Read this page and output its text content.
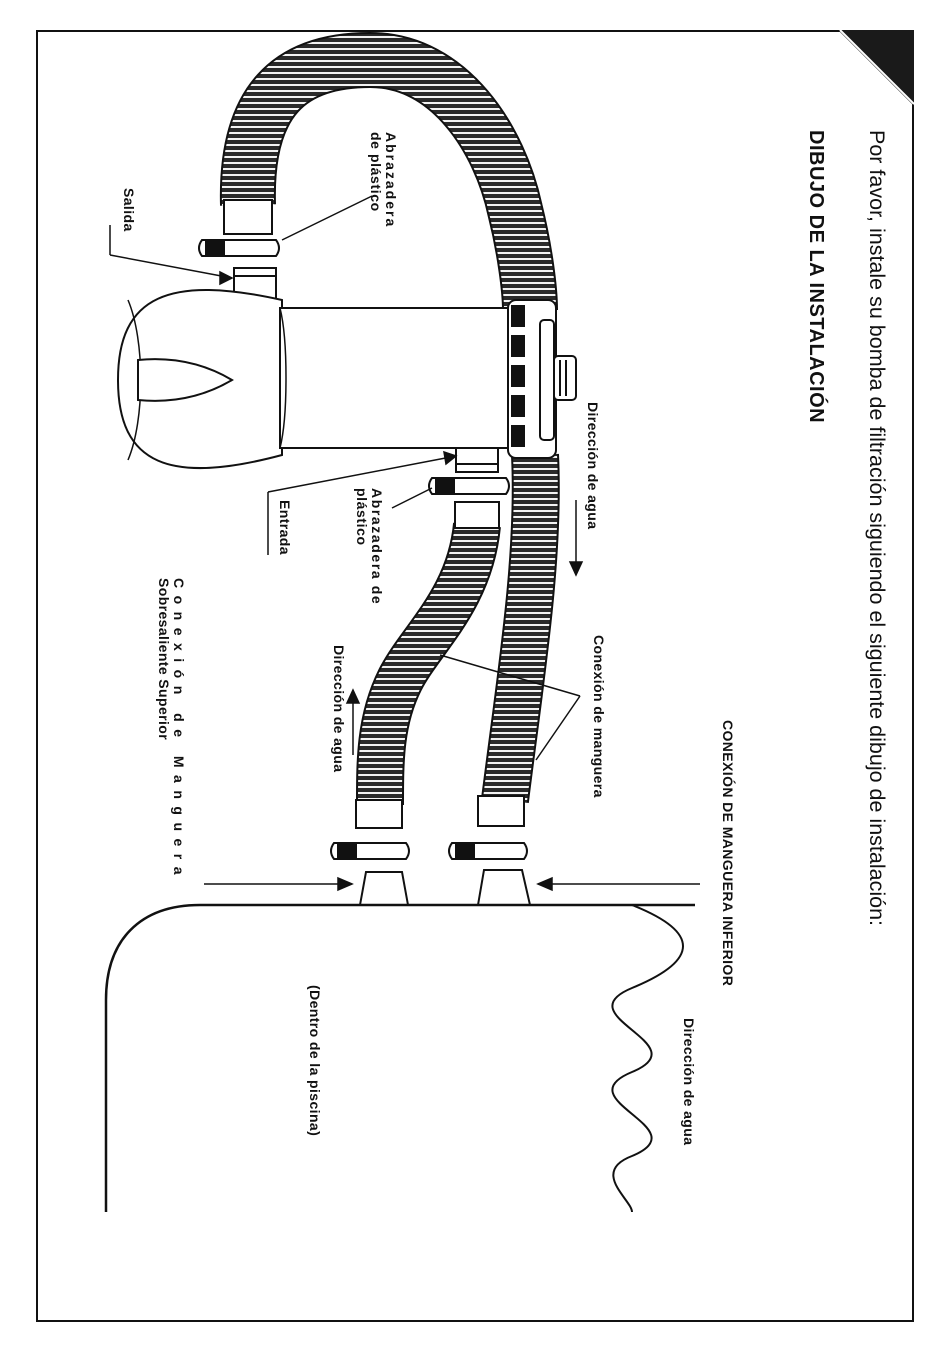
Por favor, instale su bomba de filtración siguiendo el siguiente dibujo de instalación:
DIBUJO DE LA INSTALACIÓN
Abrazadera
de plástico
Salida
Dirección de agua
Entrada	Abrazadera de
plástico
Conexión de manguera
Dirección de agua
Conexión de Manguera
Sobresaliente Superior
CONEXIÓN DE MANGUERA INFERIOR
Dirección de agua
(Dentro de la piscina)
